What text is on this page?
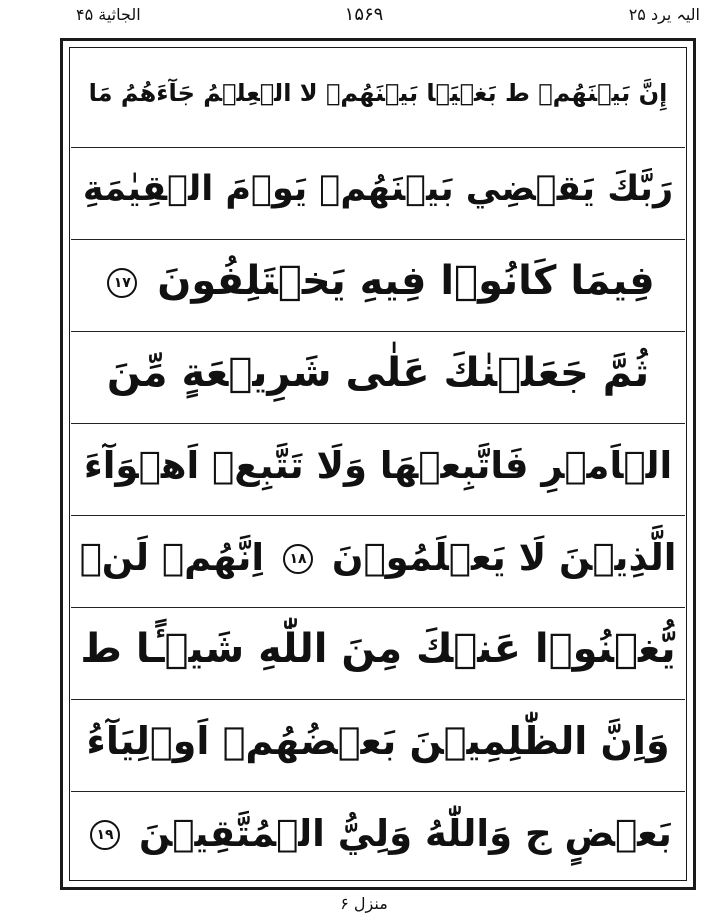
الیہ یرد ۲۵
۱۵۶۹
الجاثیة ۴۵
إِنَّ بَيۡنَهُمۡ ط بَغۡيَۢا بَيۡنَهُمۡ لا الۡعِلۡمُ جَآءَهُمُ مَا
رَبَّكَ يَقۡضِي بَيۡنَهُمۡ يَوۡمَ الۡقِيٰمَةِ
فِيمَا كَانُوۡا فِيهِ يَخۡتَلِفُونَ ۱۷
ثُمَّ جَعَلۡنٰكَ عَلٰی شَرِيۡعَةٍ مِّنَ
الۡاَمۡرِ فَاتَّبِعۡهَا وَلَا تَتَّبِعۡ اَهۡوَآءَ
الَّذِيۡنَ لَا يَعۡلَمُوۡنَ ۱۸ اِنَّهُمۡ لَنۡ
يُّغۡنُوۡا عَنۡكَ مِنَ اللّٰهِ شَيۡـًٔا ط
وَاِنَّ الظّٰلِمِيۡنَ بَعۡضُهُمۡ اَوۡلِيَآءُ
بَعۡضٍ ج وَاللّٰهُ وَلِيُّ الۡمُتَّقِيۡنَ ۱۹
منزل ۶
